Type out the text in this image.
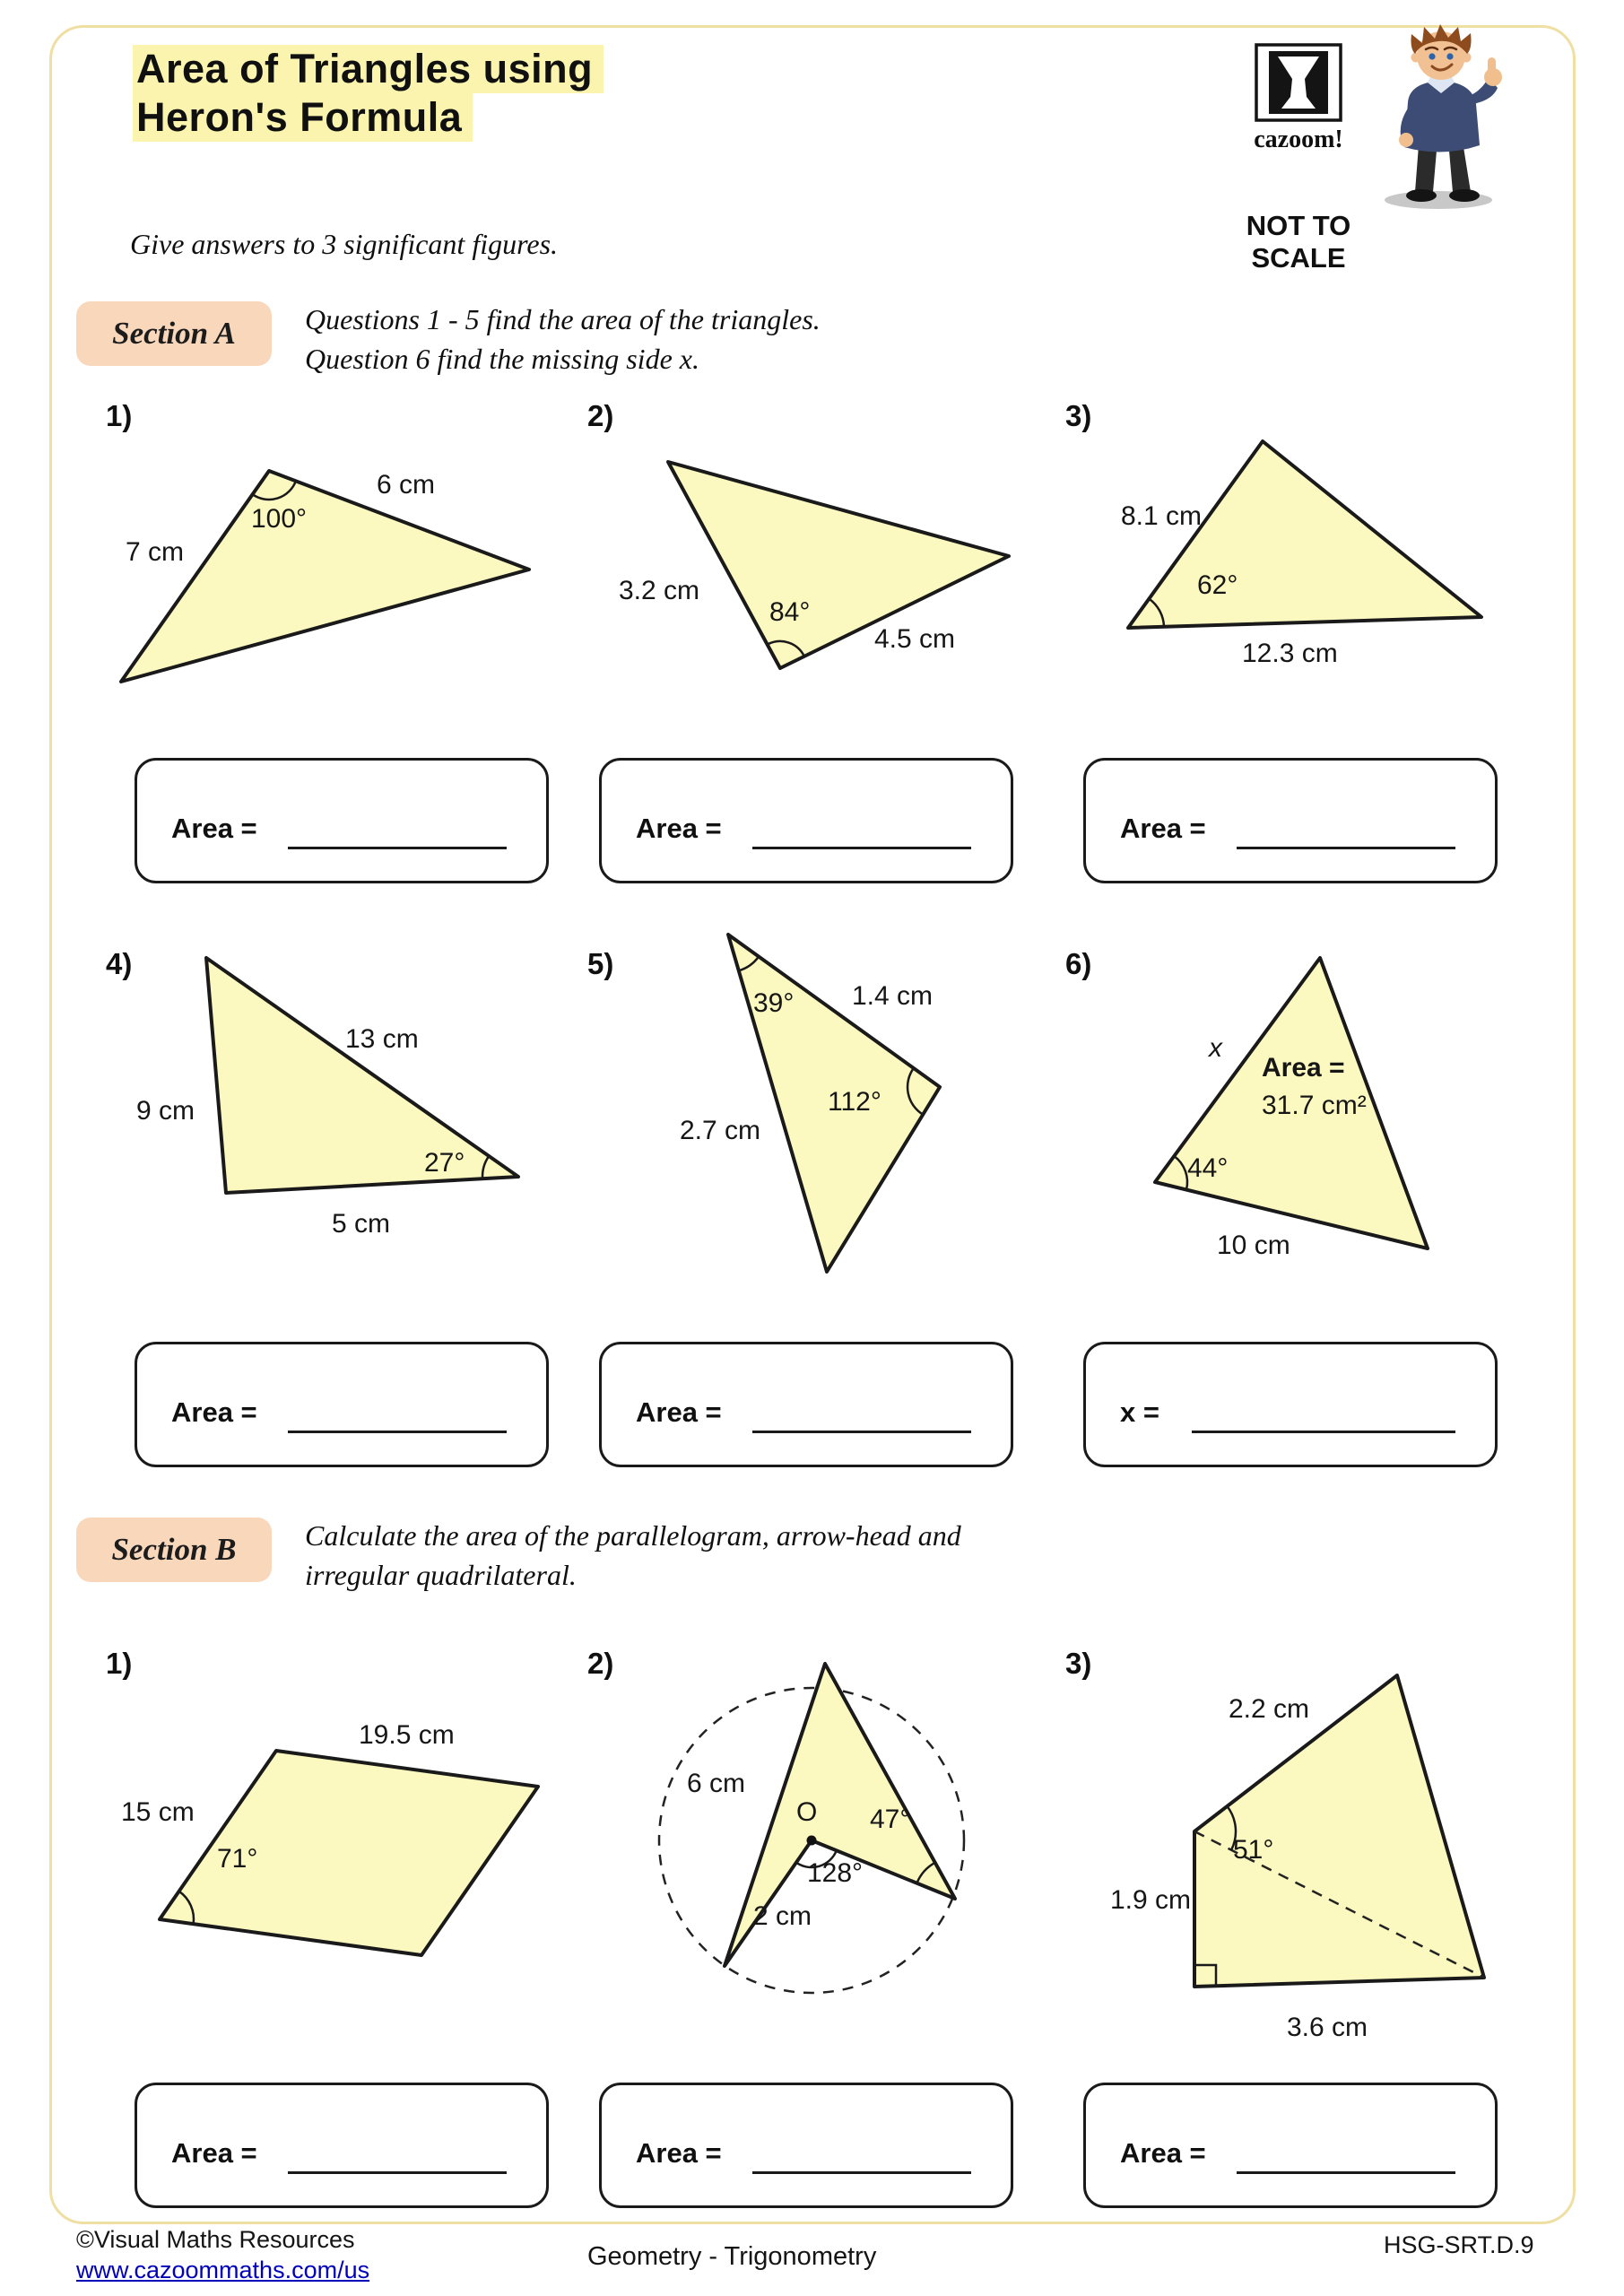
Area of Triangles using
Heron's Formula	cazoom!
NOT TO
SCALE
Give answers to 3 significant figures.
Section A	Questions 1 - 5 find the area of the triangles.
Question 6 find the missing side x.
1)	2)	3)
100°
6 cm
7 cm
3.2 cm
84°
4.5 cm
8.1 cm
62°
12.3 cm
Area =	Area =	Area =
4)	5)	6)
13 cm
9 cm
27°
5 cm
39° 1.4 cm
112°
2.7 cm
x
Area =
31.7 cm²
44°
10 cm
Area =	Area =	x =
Section B	Calculate the area of the parallelogram, arrow-head and
irregular quadrilateral.
1)	2)	3)
19.5 cm
15 cm
71°
6 cm
O 47°
128°
2 cm
2.2 cm
51°
1.9 cm
3.6 cm
Area =	Area =	Area =
©Visual Maths Resources
www.cazoommaths.com/us	Geometry - Trigonometry	HSG-SRT.D.9
